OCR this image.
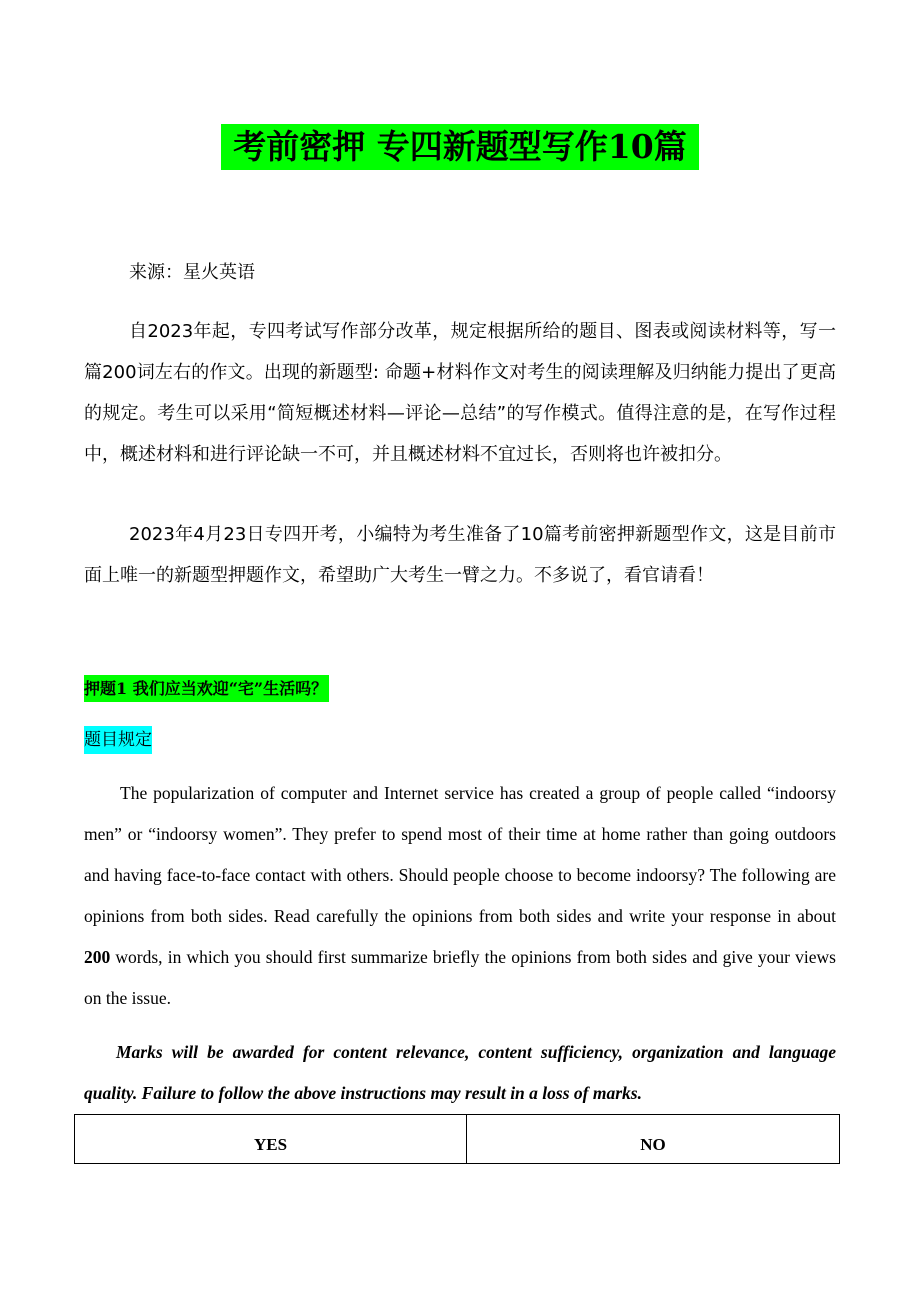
考前密押 专四新题型写作10篇

来源：星火英语

自2023年起，专四考试写作部分改革，规定根据所给的题目、图表或阅读材料等，写一篇200词左右的作文。出现的新题型: 命题+材料作文对考生的阅读理解及归纳能力提出了更高的规定。考生可以采用“简短概述材料—评论—总结”的写作模式。值得注意的是，在写作过程中，概述材料和进行评论缺一不可，并且概述材料不宜过长，否则将也许被扣分。

2023年4月23日专四开考，小编特为考生准备了10篇考前密押新题型作文，这是目前市面上唯一的新题型押题作文，希望助广大考生一臂之力。不多说了，看官请看！

押题1 我们应当欢迎“宅”生活吗？
题目规定

The popularization of computer and Internet service has created a group of people called “indoorsy men” or “indoorsy women”. They prefer to spend most of their time at home rather than going outdoors and having face-to-face contact with others. Should people choose to become indoorsy? The following are opinions from both sides. Read carefully the opinions from both sides and write your response in about 200 words, in which you should first summarize briefly the opinions from both sides and give your views on the issue.

Marks will be awarded for content relevance, content sufficiency, organization and language quality. Failure to follow the above instructions may result in a loss of marks.

YES	NO
